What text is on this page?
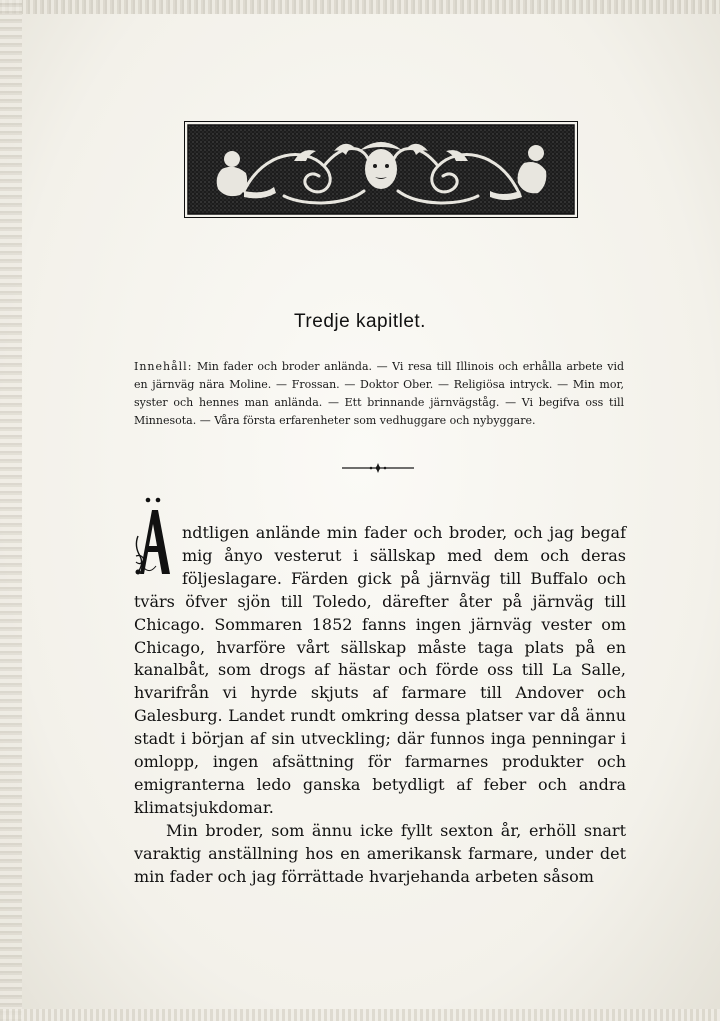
Tredje kapitlet.
Innehåll: Min fader och broder anlända. — Vi resa till Illinois och erhålla arbete vid en järnväg nära Moline. — Frossan. — Doktor Ober. — Religiösa intryck. — Min mor, syster och hennes man anlända. — Ett brinnande järnvägståg. — Vi begifva oss till Minnesota. — Våra första erfarenheter som vedhuggare och nybyggare.

Ä
ndtligen anlände min fader och broder, och jag begaf mig ånyo vesterut i sällskap med dem och deras följeslagare. Färden gick på järnväg till Buffalo och tvärs öfver sjön till Toledo, därefter åter på järnväg till Chicago. Sommaren 1852 fanns ingen järnväg vester om Chicago, hvarföre vårt sällskap måste taga plats på en kanalbåt, som drogs af hästar och förde oss till La Salle, hvarifrån vi hyrde skjuts af farmare till Andover och Galesburg. Landet rundt omkring dessa platser var då ännu stadt i början af sin utveckling; där funnos inga penningar i omlopp, ingen afsättning för farmarnes produkter och emigranterna ledo ganska betydligt af feber och andra klimatsjukdomar.

Min broder, som ännu icke fyllt sexton år, erhöll snart varaktig anställning hos en amerikansk farmare, under det min fader och jag förrättade hvarjehanda arbeten såsom
